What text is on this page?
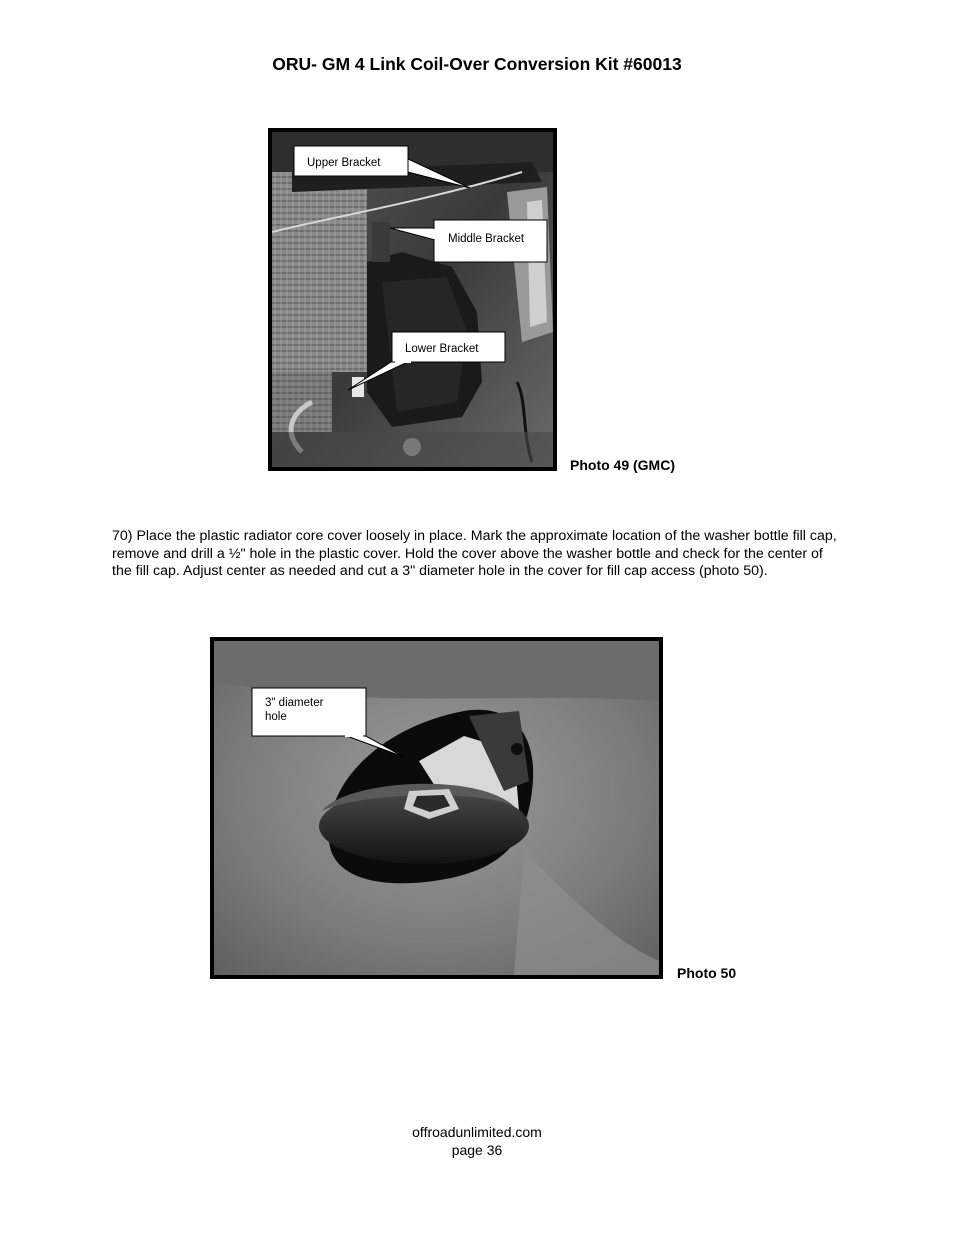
ORU- GM 4 Link Coil-Over Conversion Kit #60013
Upper Bracket
Middle Bracket
Lower Bracket
Photo 49 (GMC)

70) Place the plastic radiator core cover loosely in place. Mark the approximate location of the washer bottle fill cap, remove and drill a ½" hole in the plastic cover. Hold the cover above the washer bottle and check for the center of the fill cap. Adjust center as needed and cut a 3" diameter hole in the cover for fill cap access (photo 50).

3" diameter
hole
Photo 50
offroadunlimited.com
page 36
